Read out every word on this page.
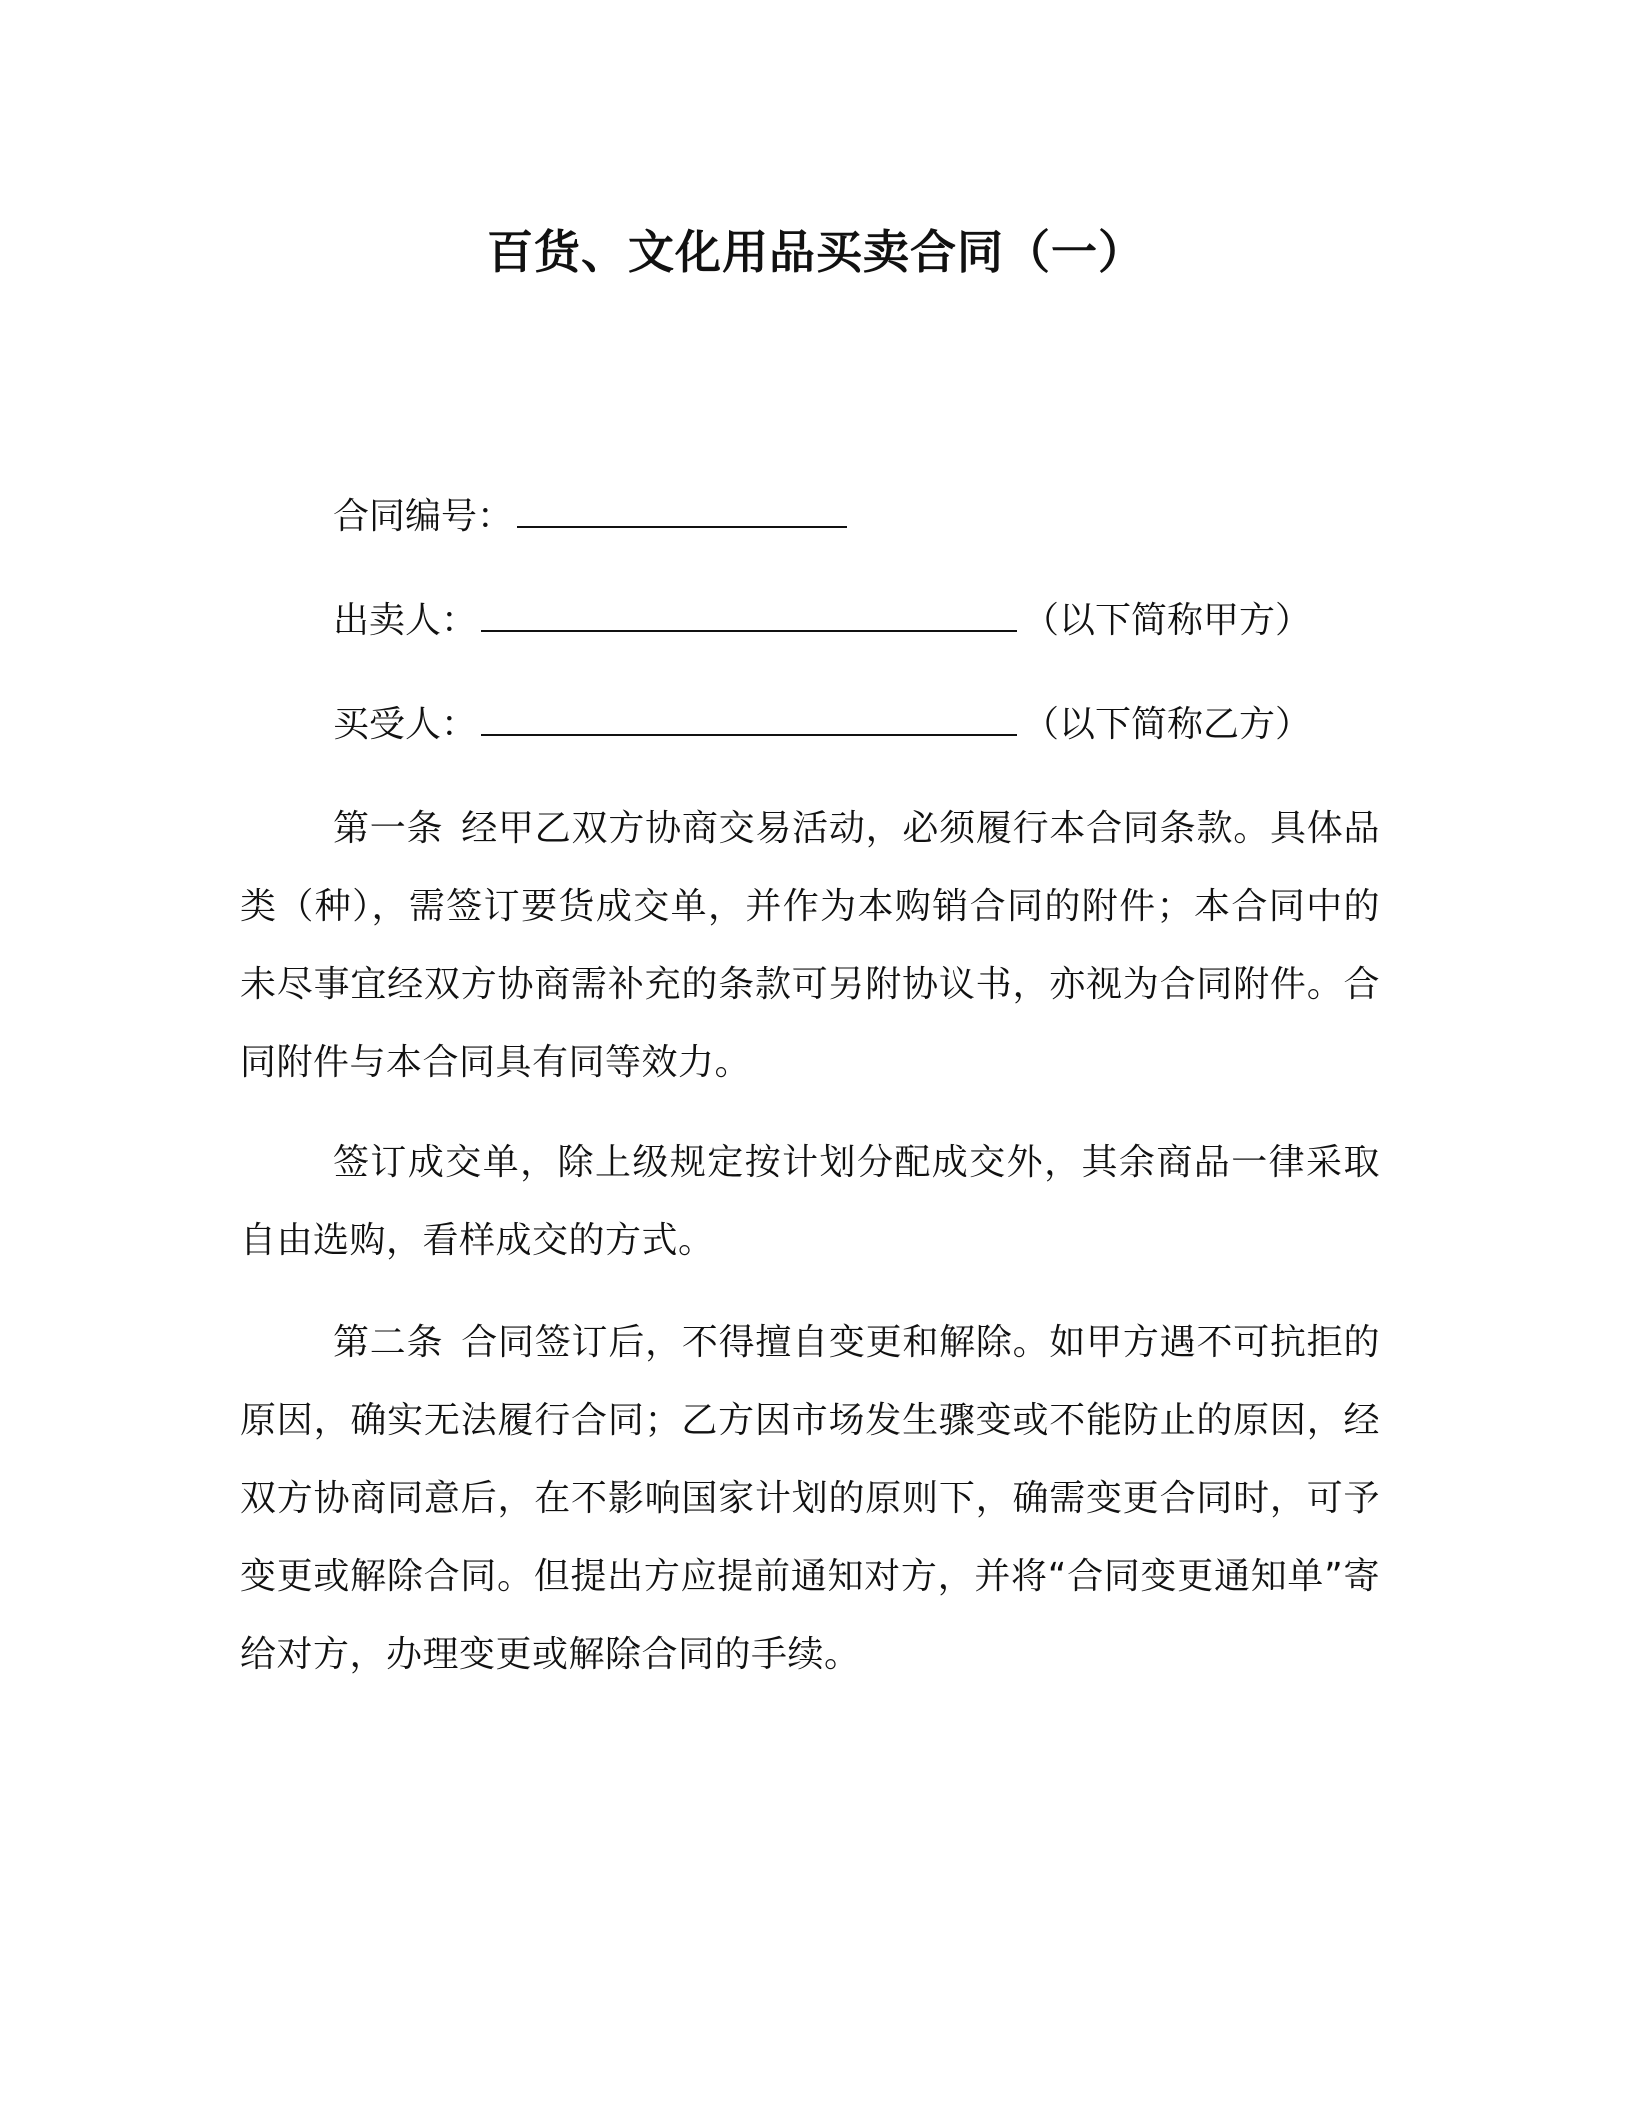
百货、文化用品买卖合同（一）
合同编号：
出卖人：	（以下简称甲方）
买受人：	（以下简称乙方）
第一条 经甲乙双方协商交易活动，必须履行本合同条款。具体品类（种），需签订要货成交单，并作为本购销合同的附件；本合同中的未尽事宜经双方协商需补充的条款可另附协议书，亦视为合同附件。合同附件与本合同具有同等效力。
签订成交单，除上级规定按计划分配成交外，其余商品一律采取自由选购，看样成交的方式。
第二条 合同签订后，不得擅自变更和解除。如甲方遇不可抗拒的原因，确实无法履行合同；乙方因市场发生骤变或不能防止的原因，经双方协商同意后，在不影响国家计划的原则下，确需变更合同时，可予变更或解除合同。但提出方应提前通知对方，并将“合同变更通知单”寄给对方，办理变更或解除合同的手续。
